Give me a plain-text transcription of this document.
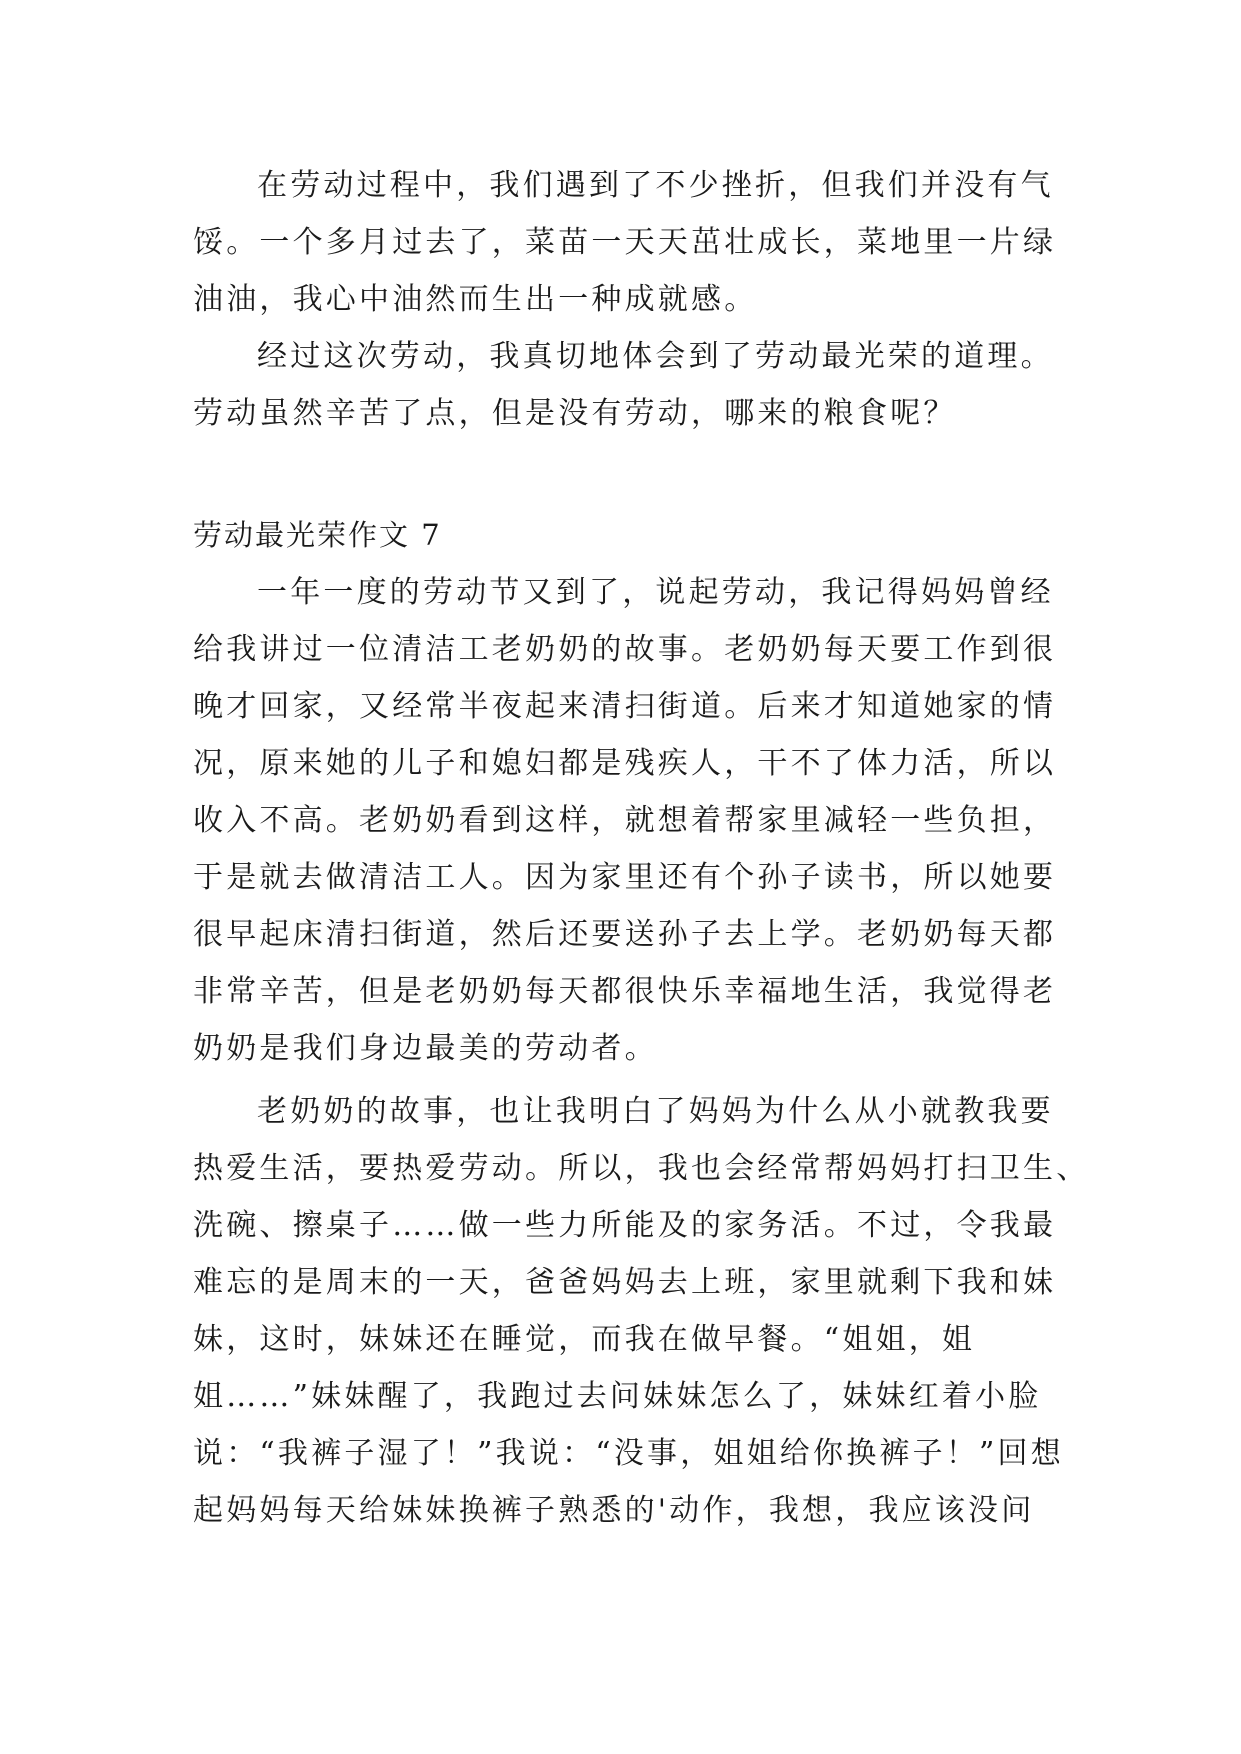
在劳动过程中，我们遇到了不少挫折，但我们并没有气
馁。一个多月过去了，菜苗一天天茁壮成长，菜地里一片绿
油油，我心中油然而生出一种成就感。
经过这次劳动，我真切地体会到了劳动最光荣的道理。
劳动虽然辛苦了点，但是没有劳动，哪来的粮食呢？
劳动最光荣作文 7
一年一度的劳动节又到了，说起劳动，我记得妈妈曾经
给我讲过一位清洁工老奶奶的故事。老奶奶每天要工作到很
晚才回家，又经常半夜起来清扫街道。后来才知道她家的情
况，原来她的儿子和媳妇都是残疾人，干不了体力活，所以
收入不高。老奶奶看到这样，就想着帮家里减轻一些负担，
于是就去做清洁工人。因为家里还有个孙子读书，所以她要
很早起床清扫街道，然后还要送孙子去上学。老奶奶每天都
非常辛苦，但是老奶奶每天都很快乐幸福地生活，我觉得老
奶奶是我们身边最美的劳动者。
老奶奶的故事，也让我明白了妈妈为什么从小就教我要
热爱生活，要热爱劳动。所以，我也会经常帮妈妈打扫卫生、
洗碗、擦桌子……做一些力所能及的家务活。不过，令我最
难忘的是周末的一天，爸爸妈妈去上班，家里就剩下我和妹
妹，这时，妹妹还在睡觉，而我在做早餐。“姐姐，姐
姐……”妹妹醒了，我跑过去问妹妹怎么了，妹妹红着小脸
说：“我裤子湿了！”我说：“没事，姐姐给你换裤子！”回想
起妈妈每天给妹妹换裤子熟悉的'动作，我想，我应该没问
